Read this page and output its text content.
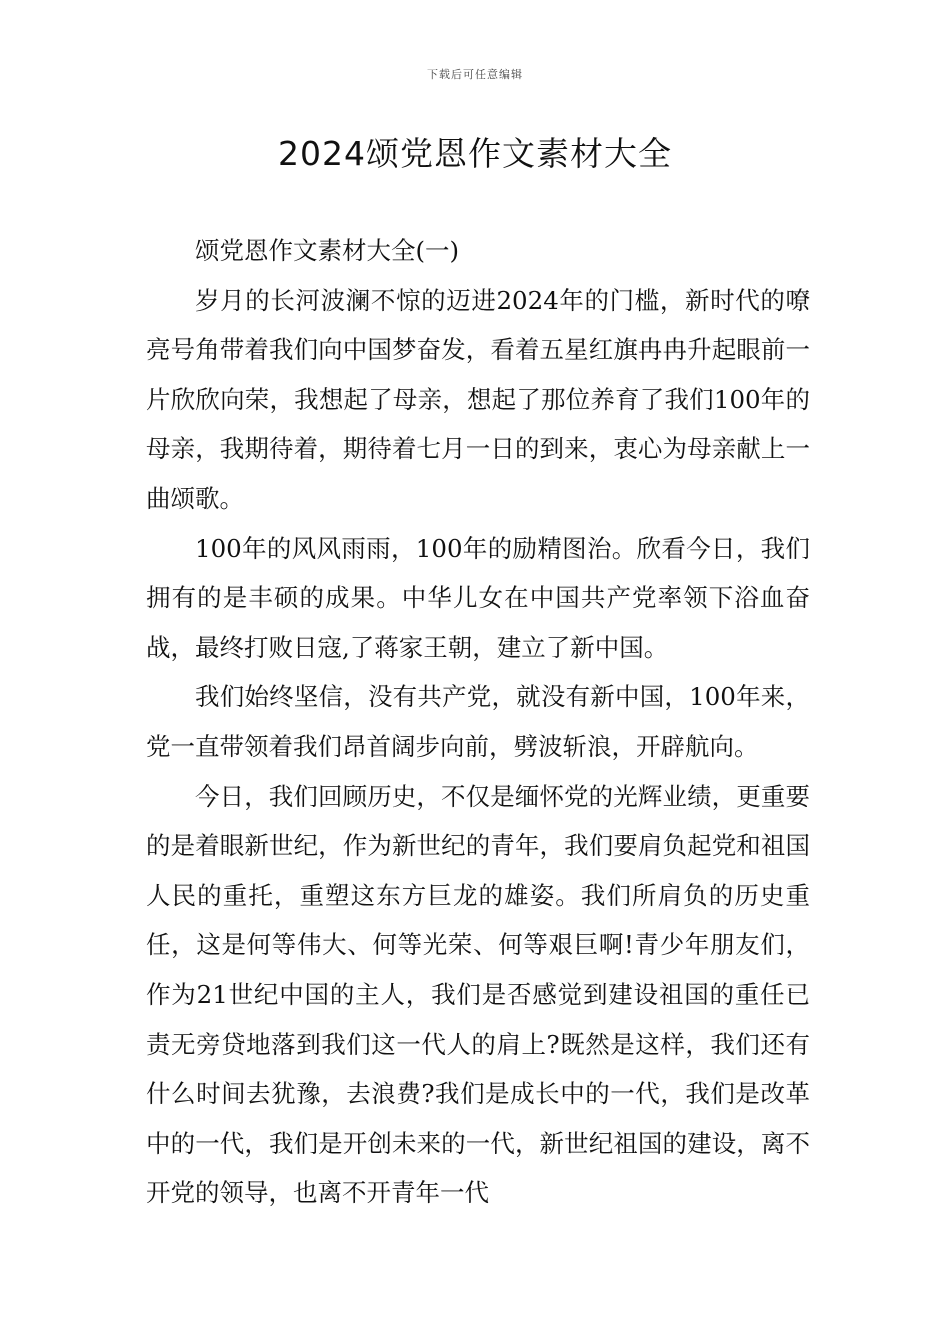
下载后可任意编辑
2024颂党恩作文素材大全

颂党恩作文素材大全(一)

岁月的长河波澜不惊的迈进2024年的门槛，新时代的嘹亮号角带着我们向中国梦奋发，看着五星红旗冉冉升起眼前一片欣欣向荣，我想起了母亲，想起了那位养育了我们100年的母亲，我期待着，期待着七月一日的到来，衷心为母亲献上一曲颂歌。

100年的风风雨雨，100年的励精图治。欣看今日，我们拥有的是丰硕的成果。中华儿女在中国共产党率领下浴血奋战，最终打败日寇,了蒋家王朝，建立了新中国。

我们始终坚信，没有共产党，就没有新中国，100年来，党一直带领着我们昂首阔步向前，劈波斩浪，开辟航向。

今日，我们回顾历史，不仅是缅怀党的光辉业绩，更重要的是着眼新世纪，作为新世纪的青年，我们要肩负起党和祖国人民的重托，重塑这东方巨龙的雄姿。我们所肩负的历史重任，这是何等伟大、何等光荣、何等艰巨啊!青少年朋友们，作为21世纪中国的主人，我们是否感觉到建设祖国的重任已责无旁贷地落到我们这一代人的肩上?既然是这样，我们还有什么时间去犹豫，去浪费?我们是成长中的一代，我们是改革中的一代，我们是开创未来的一代，新世纪祖国的建设，离不开党的领导，也离不开青年一代
